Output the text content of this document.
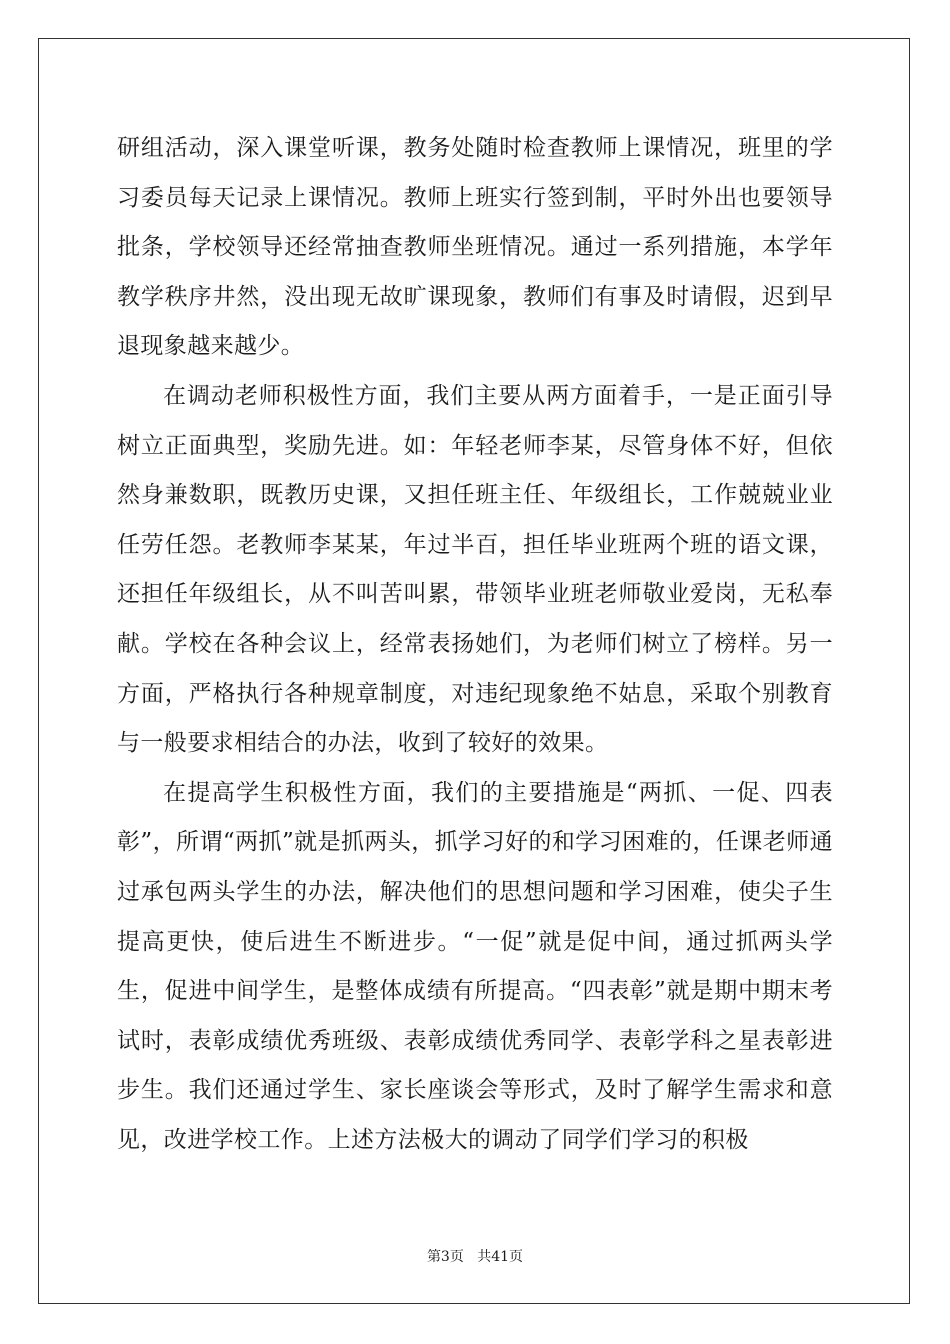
研组活动，深入课堂听课，教务处随时检查教师上课情况，班里的学习委员每天记录上课情况。教师上班实行签到制，平时外出也要领导批条，学校领导还经常抽查教师坐班情况。通过一系列措施，本学年教学秩序井然，没出现无故旷课现象，教师们有事及时请假，迟到早退现象越来越少。

在调动老师积极性方面，我们主要从两方面着手，一是正面引导树立正面典型，奖励先进。如：年轻老师李某，尽管身体不好，但依然身兼数职，既教历史课，又担任班主任、年级组长，工作兢兢业业任劳任怨。老教师李某某，年过半百，担任毕业班两个班的语文课，还担任年级组长，从不叫苦叫累，带领毕业班老师敬业爱岗，无私奉献。学校在各种会议上，经常表扬她们，为老师们树立了榜样。另一方面，严格执行各种规章制度，对违纪现象绝不姑息，采取个别教育与一般要求相结合的办法，收到了较好的效果。

在提高学生积极性方面，我们的主要措施是“两抓、一促、四表彰”，所谓“两抓”就是抓两头，抓学习好的和学习困难的，任课老师通过承包两头学生的办法，解决他们的思想问题和学习困难，使尖子生提高更快，使后进生不断进步。“一促”就是促中间，通过抓两头学生，促进中间学生，是整体成绩有所提高。“四表彰”就是期中期末考试时，表彰成绩优秀班级、表彰成绩优秀同学、表彰学科之星表彰进步生。我们还通过学生、家长座谈会等形式，及时了解学生需求和意见，改进学校工作。上述方法极大的调动了同学们学习的积极

第3页 共41页
